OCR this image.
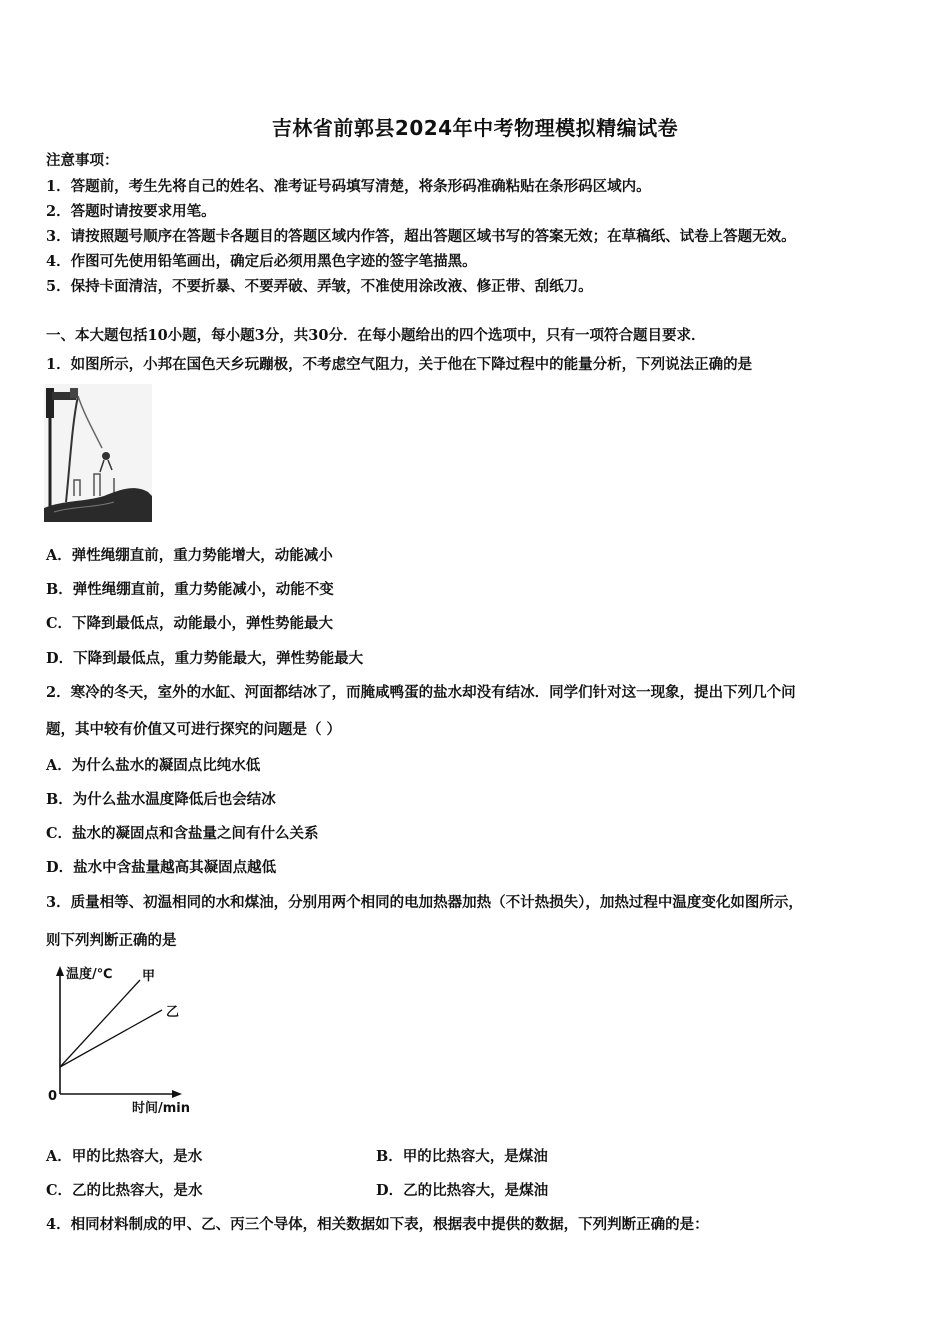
吉林省前郭县2024年中考物理模拟精编试卷
注意事项：
1．答题前，考生先将自己的姓名、准考证号码填写清楚，将条形码准确粘贴在条形码区域内。
2．答题时请按要求用笔。
3．请按照题号顺序在答题卡各题目的答题区域内作答，超出答题区域书写的答案无效；在草稿纸、试卷上答题无效。
4．作图可先使用铅笔画出，确定后必须用黑色字迹的签字笔描黑。
5．保持卡面清洁，不要折暴、不要弄破、弄皱，不准使用涂改液、修正带、刮纸刀。
一、本大题包括10小题，每小题3分，共30分．在每小题给出的四个选项中，只有一项符合题目要求．
1．如图所示，小邦在国色天乡玩蹦极，不考虑空气阻力，关于他在下降过程中的能量分析，下列说法正确的是
A．弹性绳绷直前，重力势能增大，动能减小
B．弹性绳绷直前，重力势能减小，动能不变
C．下降到最低点，动能最小，弹性势能最大
D．下降到最低点，重力势能最大，弹性势能最大
2．寒冷的冬天，室外的水缸、河面都结冰了，而腌咸鸭蛋的盐水却没有结冰．同学们针对这一现象，提出下列几个问
题，其中较有价值又可进行探究的问题是（ ）
A．为什么盐水的凝固点比纯水低
B．为什么盐水温度降低后也会结冰
C．盐水的凝固点和含盐量之间有什么关系
D．盐水中含盐量越高其凝固点越低
3．质量相等、初温相同的水和煤油，分别用两个相同的电加热器加热（不计热损失），加热过程中温度变化如图所示，
则下列判断正确的是
温度/℃ 甲
乙
0
时间/min
A．甲的比热容大，是水	B．甲的比热容大，是煤油
C．乙的比热容大，是水	D．乙的比热容大，是煤油
4．相同材料制成的甲、乙、丙三个导体，相关数据如下表，根据表中提供的数据，下列判断正确的是：
